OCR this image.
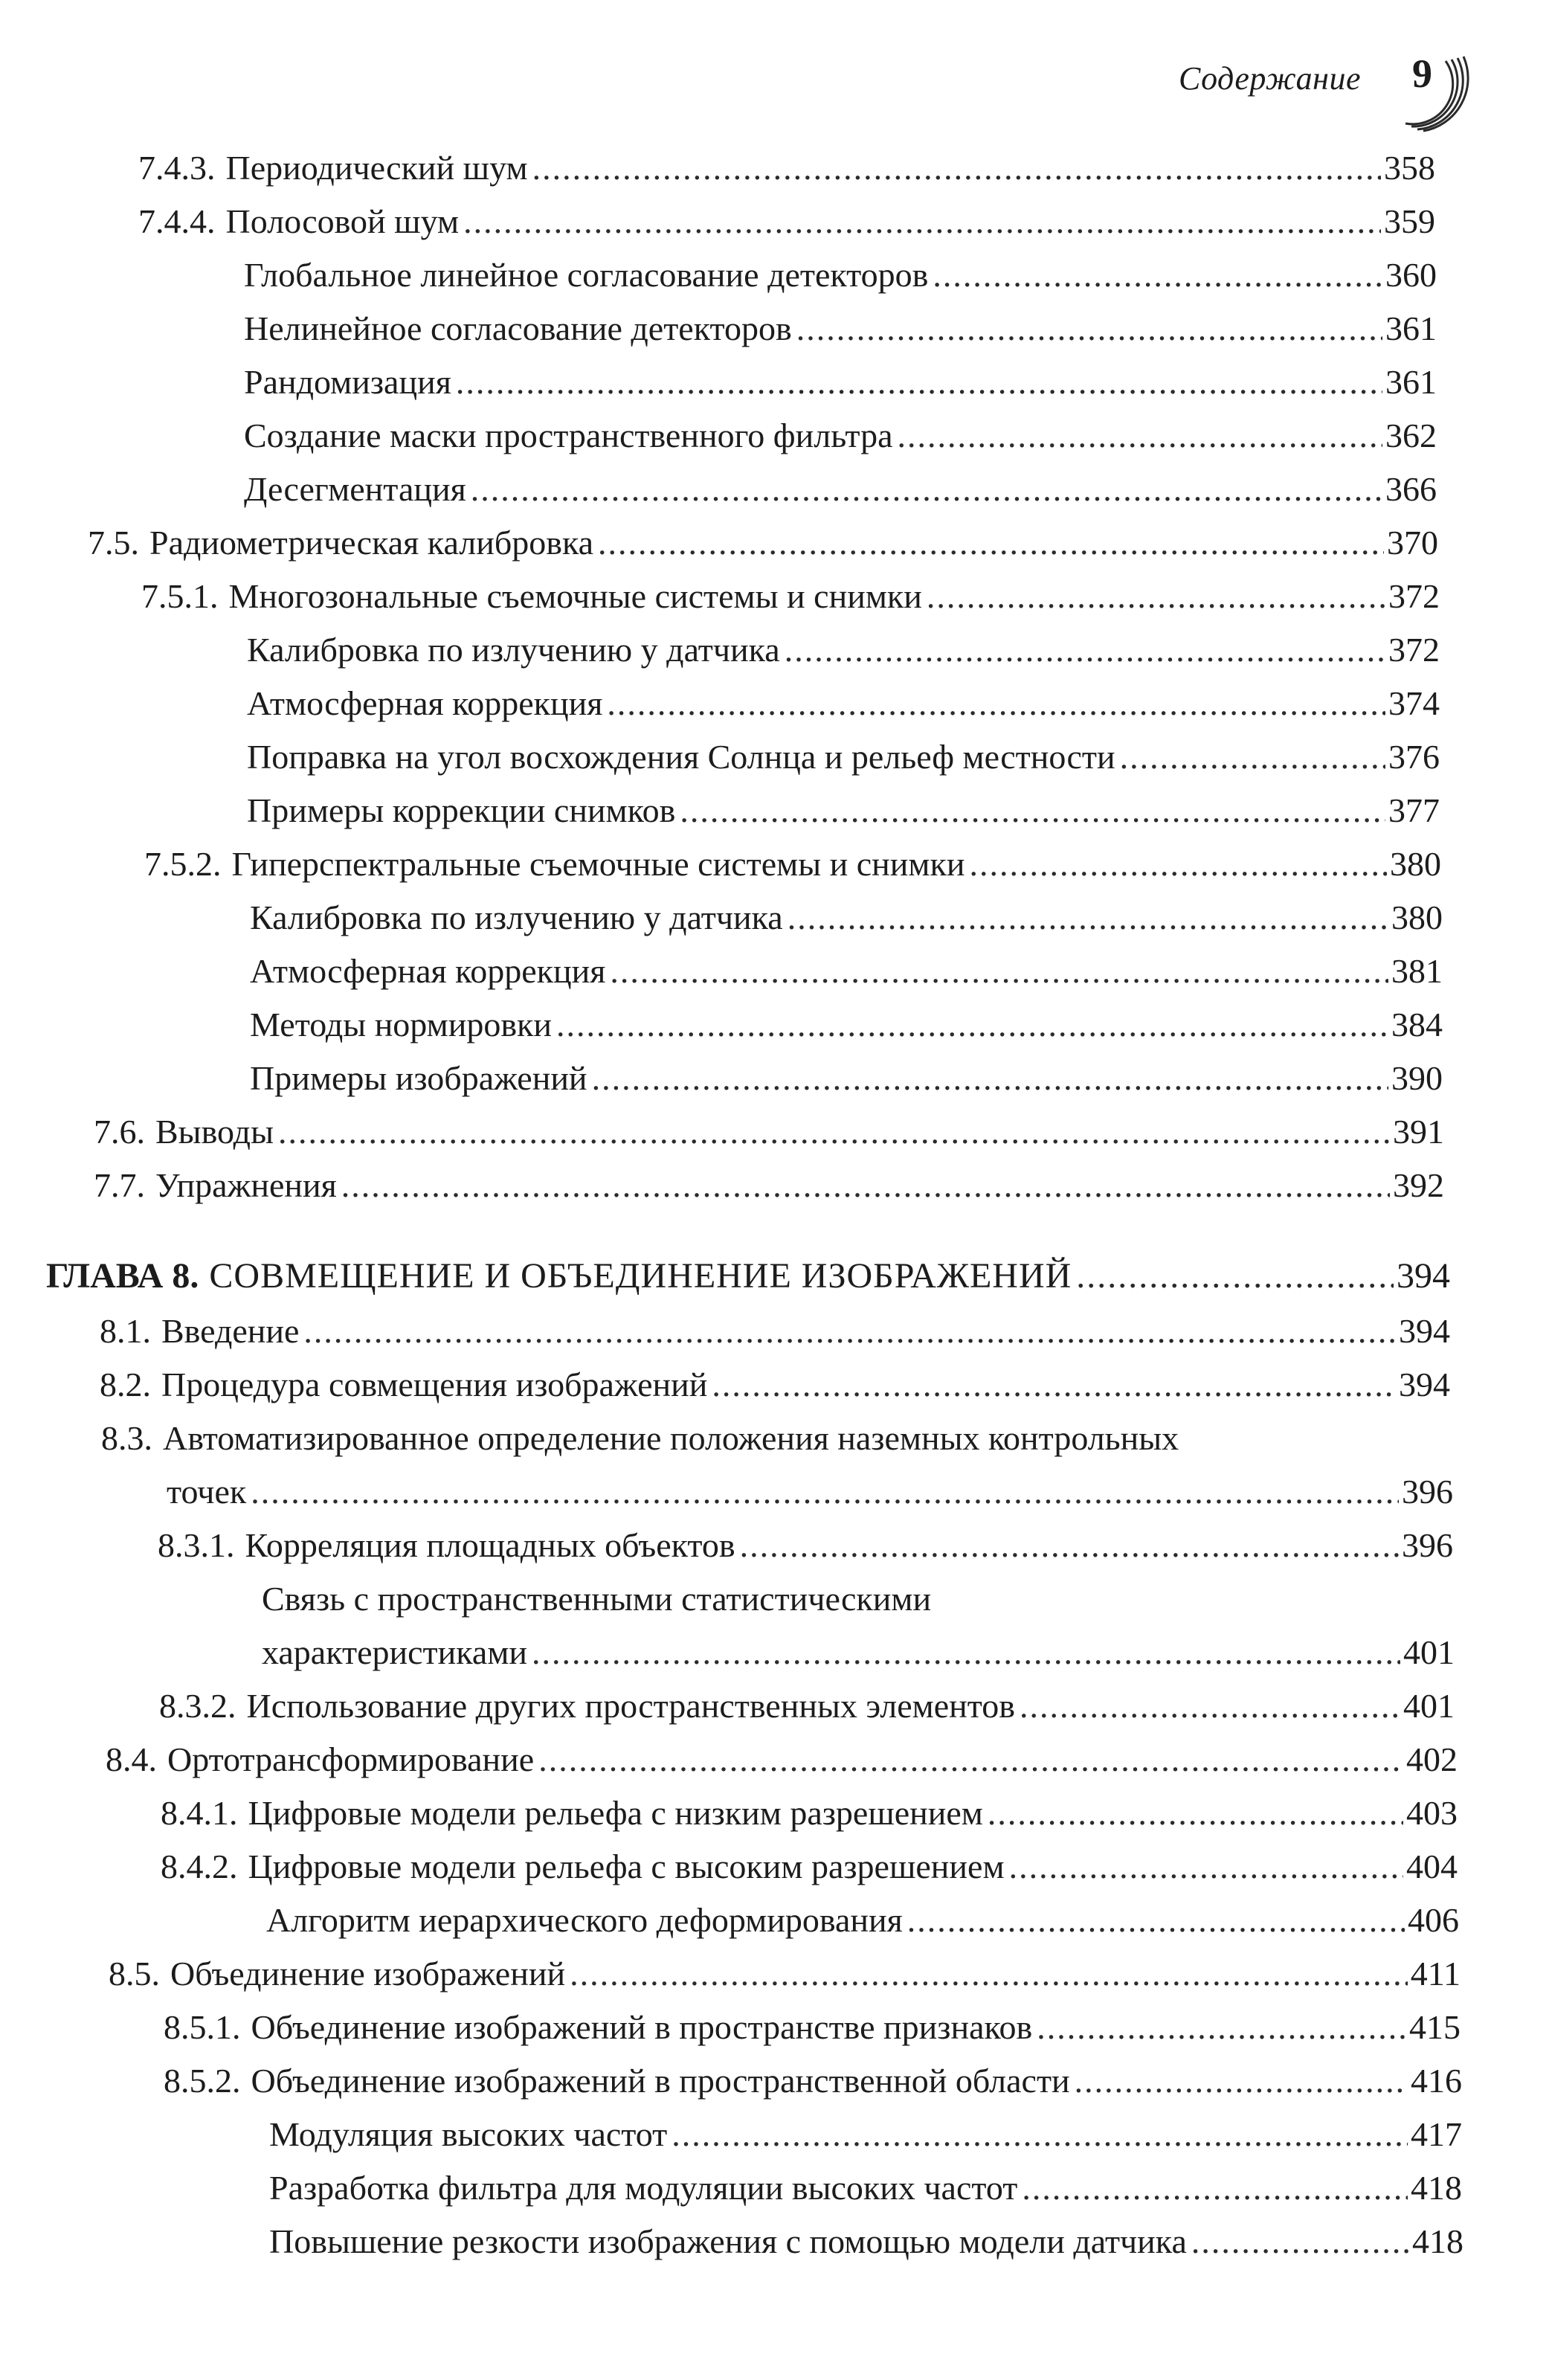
Содержание 9
7.4.3. Периодический шум .....	358
7.4.4. Полосовой шум .....	359
Глобальное линейное согласование детекторов .....	360
Нелинейное согласование детекторов .....	361
Рандомизация .....	361
Создание маски пространственного фильтра .....	362
Десегментация .....	366
7.5. Радиометрическая калибровка .....	370
7.5.1. Многозональные съемочные системы и снимки .....	372
Калибровка по излучению у датчика .....	372
Атмосферная коррекция .....	374
Поправка на угол восхождения Солнца и рельеф местности .....	376
Примеры коррекции снимков .....	377
7.5.2. Гиперспектральные съемочные системы и снимки .....	380
Калибровка по излучению у датчика .....	380
Атмосферная коррекция .....	381
Методы нормировки .....	384
Примеры изображений .....	390
7.6. Выводы .....	391
7.7. Упражнения .....	392
ГЛАВА 8. СОВМЕЩЕНИЕ И ОБЪЕДИНЕНИЕ ИЗОБРАЖЕНИЙ .....	394
8.1. Введение .....	394
8.2. Процедура совмещения изображений .....	394
8.3. Автоматизированное определение положения наземных контрольных
точек .....	396
8.3.1. Корреляция площадных объектов .....	396
Связь с пространственными статистическими
характеристиками .....	401
8.3.2. Использование других пространственных элементов .....	401
8.4. Ортотрансформирование .....	402
8.4.1. Цифровые модели рельефа с низким разрешением .....	403
8.4.2. Цифровые модели рельефа с высоким разрешением .....	404
Алгоритм иерархического деформирования .....	406
8.5. Объединение изображений .....	411
8.5.1. Объединение изображений в пространстве признаков .....	415
8.5.2. Объединение изображений в пространственной области .....	416
Модуляция высоких частот .....	417
Разработка фильтра для модуляции высоких частот .....	418
Повышение резкости изображения с помощью модели датчика .....	418
